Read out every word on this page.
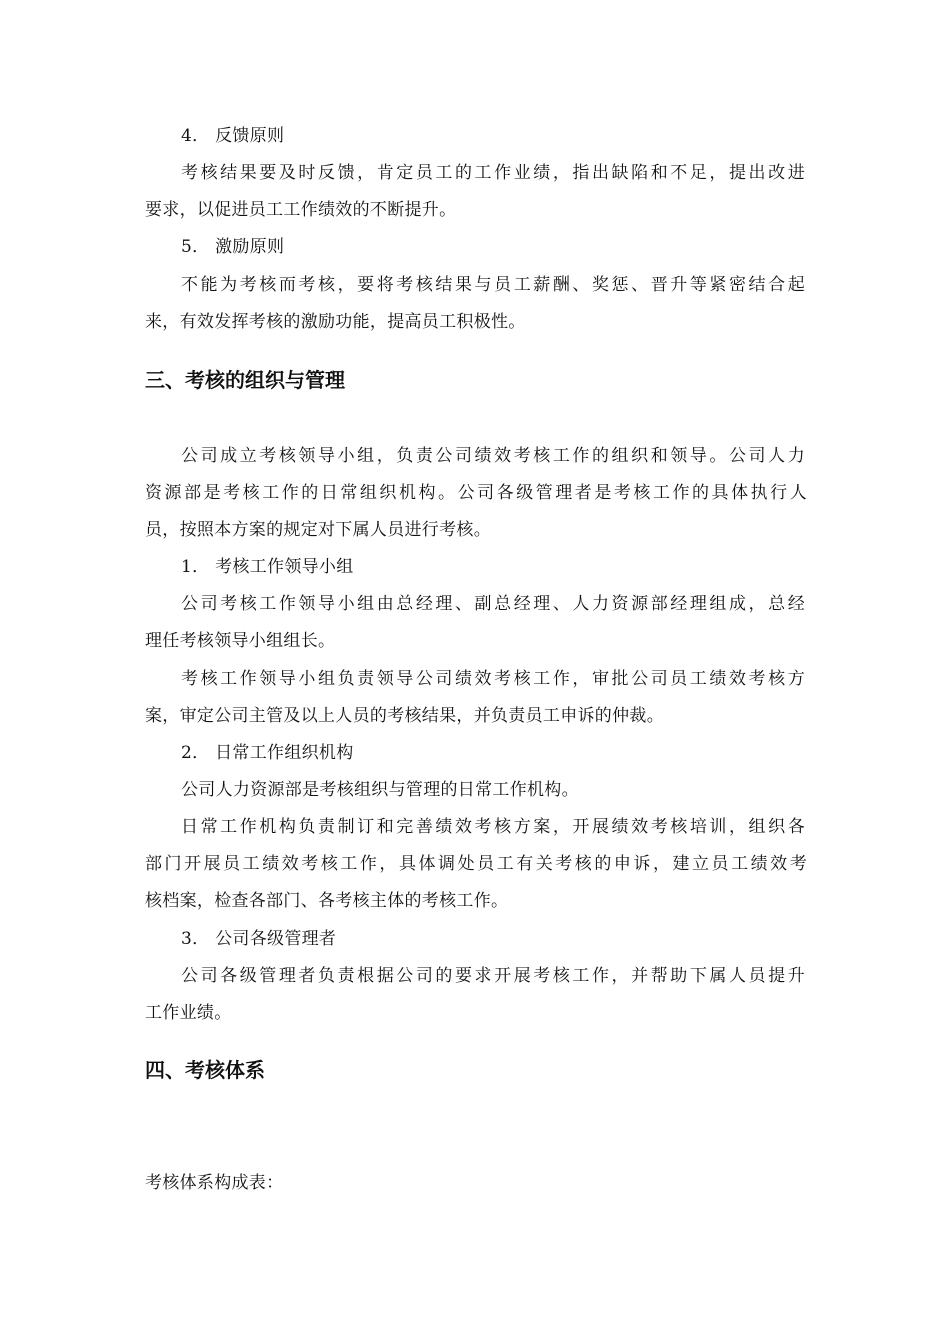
4． 反馈原则
考核结果要及时反馈，肯定员工的工作业绩，指出缺陷和不足，提出改进
要求，以促进员工工作绩效的不断提升。
5． 激励原则
不能为考核而考核，要将考核结果与员工薪酬、奖惩、晋升等紧密结合起
来，有效发挥考核的激励功能，提高员工积极性。
三、考核的组织与管理
公司成立考核领导小组，负责公司绩效考核工作的组织和领导。公司人力
资源部是考核工作的日常组织机构。公司各级管理者是考核工作的具体执行人
员，按照本方案的规定对下属人员进行考核。
1． 考核工作领导小组
公司考核工作领导小组由总经理、副总经理、人力资源部经理组成，总经
理任考核领导小组组长。
考核工作领导小组负责领导公司绩效考核工作，审批公司员工绩效考核方
案，审定公司主管及以上人员的考核结果，并负责员工申诉的仲裁。
2． 日常工作组织机构
公司人力资源部是考核组织与管理的日常工作机构。
日常工作机构负责制订和完善绩效考核方案，开展绩效考核培训，组织各
部门开展员工绩效考核工作，具体调处员工有关考核的申诉，建立员工绩效考
核档案，检查各部门、各考核主体的考核工作。
3． 公司各级管理者
公司各级管理者负责根据公司的要求开展考核工作，并帮助下属人员提升
工作业绩。
四、考核体系
考核体系构成表：
